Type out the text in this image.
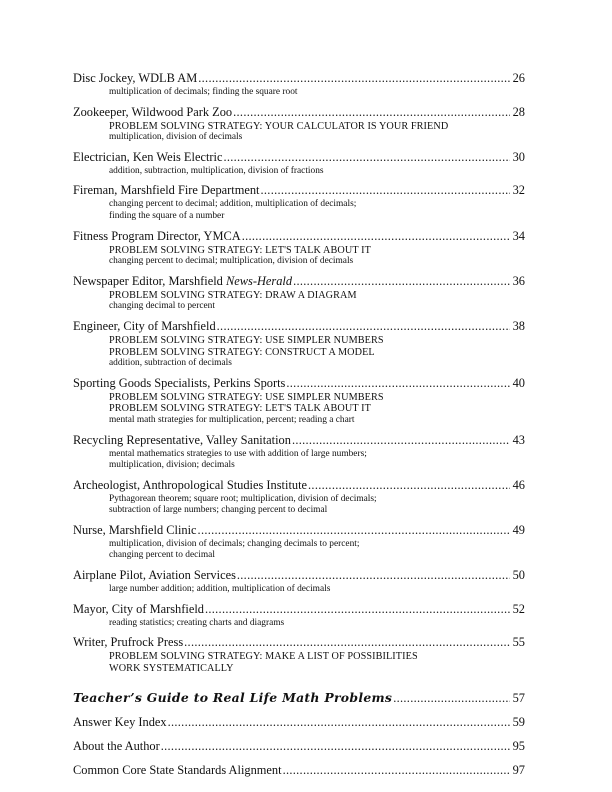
Disc Jockey, WDLB AM .....	26
multiplication of decimals; finding the square root
Zookeeper, Wildwood Park Zoo .....	28
PROBLEM SOLVING STRATEGY: YOUR CALCULATOR IS YOUR FRIEND
multiplication, division of decimals
Electrician, Ken Weis Electric .....	30
addition, subtraction, multiplication, division of fractions
Fireman, Marshfield Fire Department .....	32
changing percent to decimal; addition, multiplication of decimals;
finding the square of a number
Fitness Program Director, YMCA .....	34
PROBLEM SOLVING STRATEGY: LET'S TALK ABOUT IT
changing percent to decimal; multiplication, division of decimals
Newspaper Editor, Marshfield News-Herald .....	36
PROBLEM SOLVING STRATEGY: DRAW A DIAGRAM
changing decimal to percent
Engineer, City of Marshfield .....	38
PROBLEM SOLVING STRATEGY: USE SIMPLER NUMBERS
PROBLEM SOLVING STRATEGY: CONSTRUCT A MODEL
addition, subtraction of decimals
Sporting Goods Specialists, Perkins Sports .....	40
PROBLEM SOLVING STRATEGY: USE SIMPLER NUMBERS
PROBLEM SOLVING STRATEGY: LET'S TALK ABOUT IT
mental math strategies for multiplication, percent; reading a chart
Recycling Representative, Valley Sanitation .....	43
mental mathematics strategies to use with addition of large numbers;
multiplication, division; decimals
Archeologist, Anthropological Studies Institute .....	46
Pythagorean theorem; square root; multiplication, division of decimals;
subtraction of large numbers; changing percent to decimal
Nurse, Marshfield Clinic .....	49
multiplication, division of decimals; changing decimals to percent;
changing percent to decimal
Airplane Pilot, Aviation Services .....	50
large number addition; addition, multiplication of decimals
Mayor, City of Marshfield .....	52
reading statistics; creating charts and diagrams
Writer, Prufrock Press .....	55
PROBLEM SOLVING STRATEGY: MAKE A LIST OF POSSIBILITIES
WORK SYSTEMATICALLY
Teacher’s Guide to Real Life Math Problems .....	57
Answer Key Index .....	59
About the Author .....	95
Common Core State Standards Alignment .....	97
